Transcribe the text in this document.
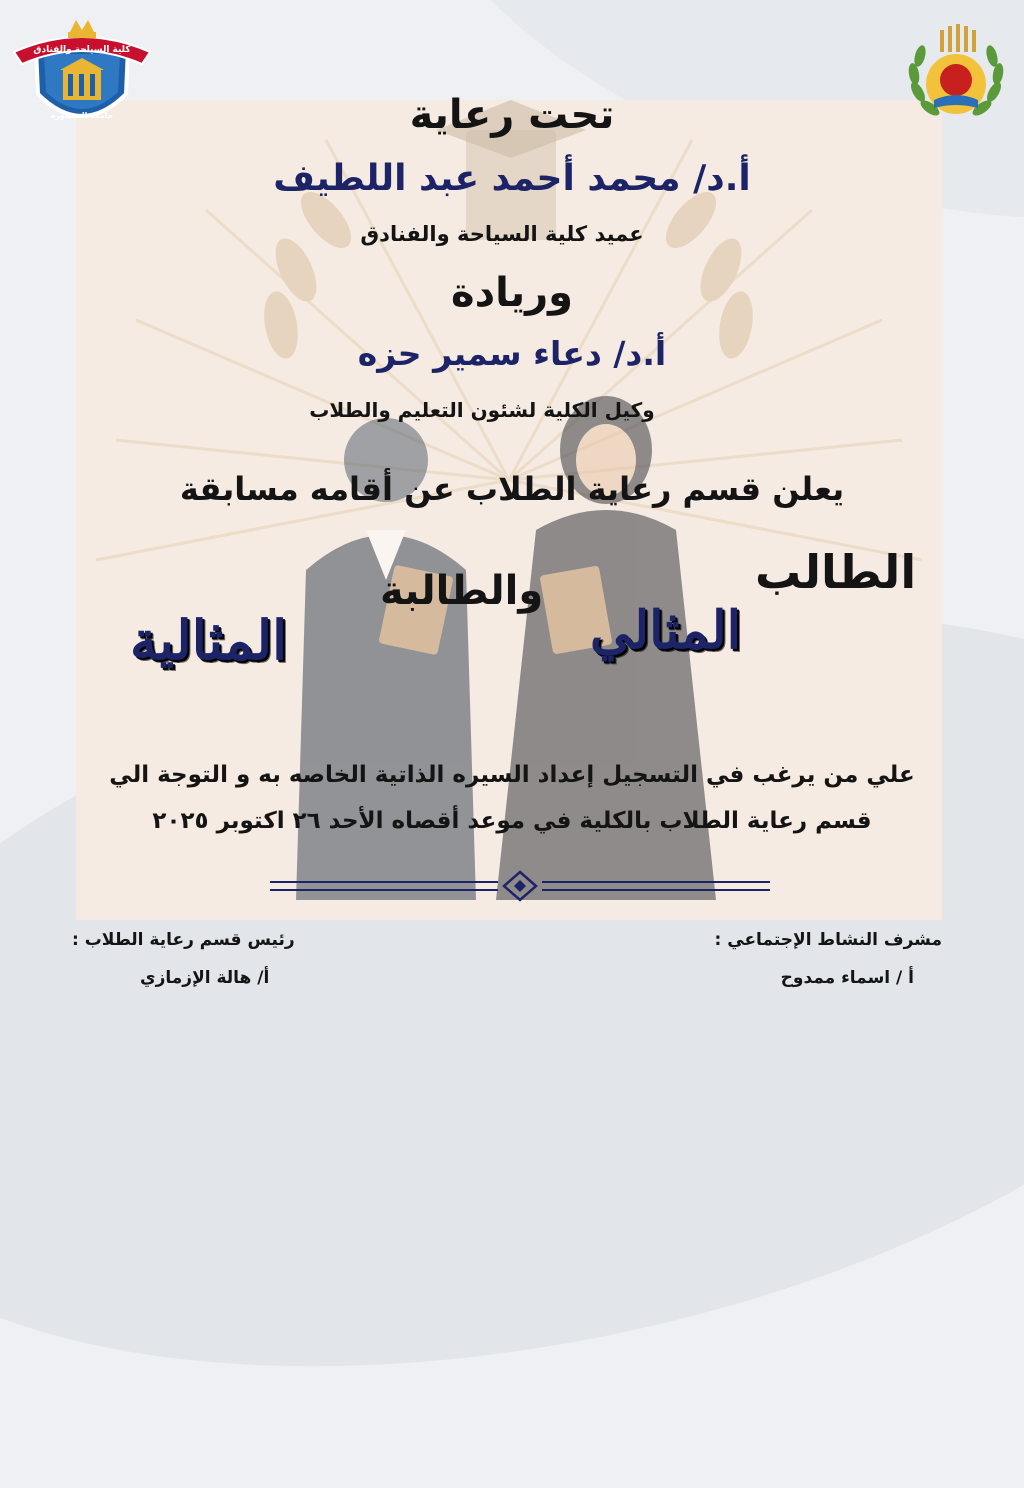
كلية السياحة والفنادق
جامعة المنصورة	تحت رعاية
أ.د/ محمد أحمد عبد اللطيف
عميد كلية السياحة والفنادق
وريادة
أ.د/ دعاء سمير حزه
وكيل الكلية لشئون التعليم والطلاب
يعلن قسم رعاية الطلاب عن أقامه مسابقة
الطالب
المثالي
والطالبة
المثالية
علي من يرغب في التسجيل إعداد السيره الذاتية الخاصه به و التوجة الي
قسم رعاية الطلاب بالكلية في موعد أقصاه الأحد ٢٦ اكتوبر ٢٠٢٥
مشرف النشاط الإجتماعي :
أ / اسماء ممدوح
رئيس قسم رعاية الطلاب :
أ/ هالة الإزمازي
